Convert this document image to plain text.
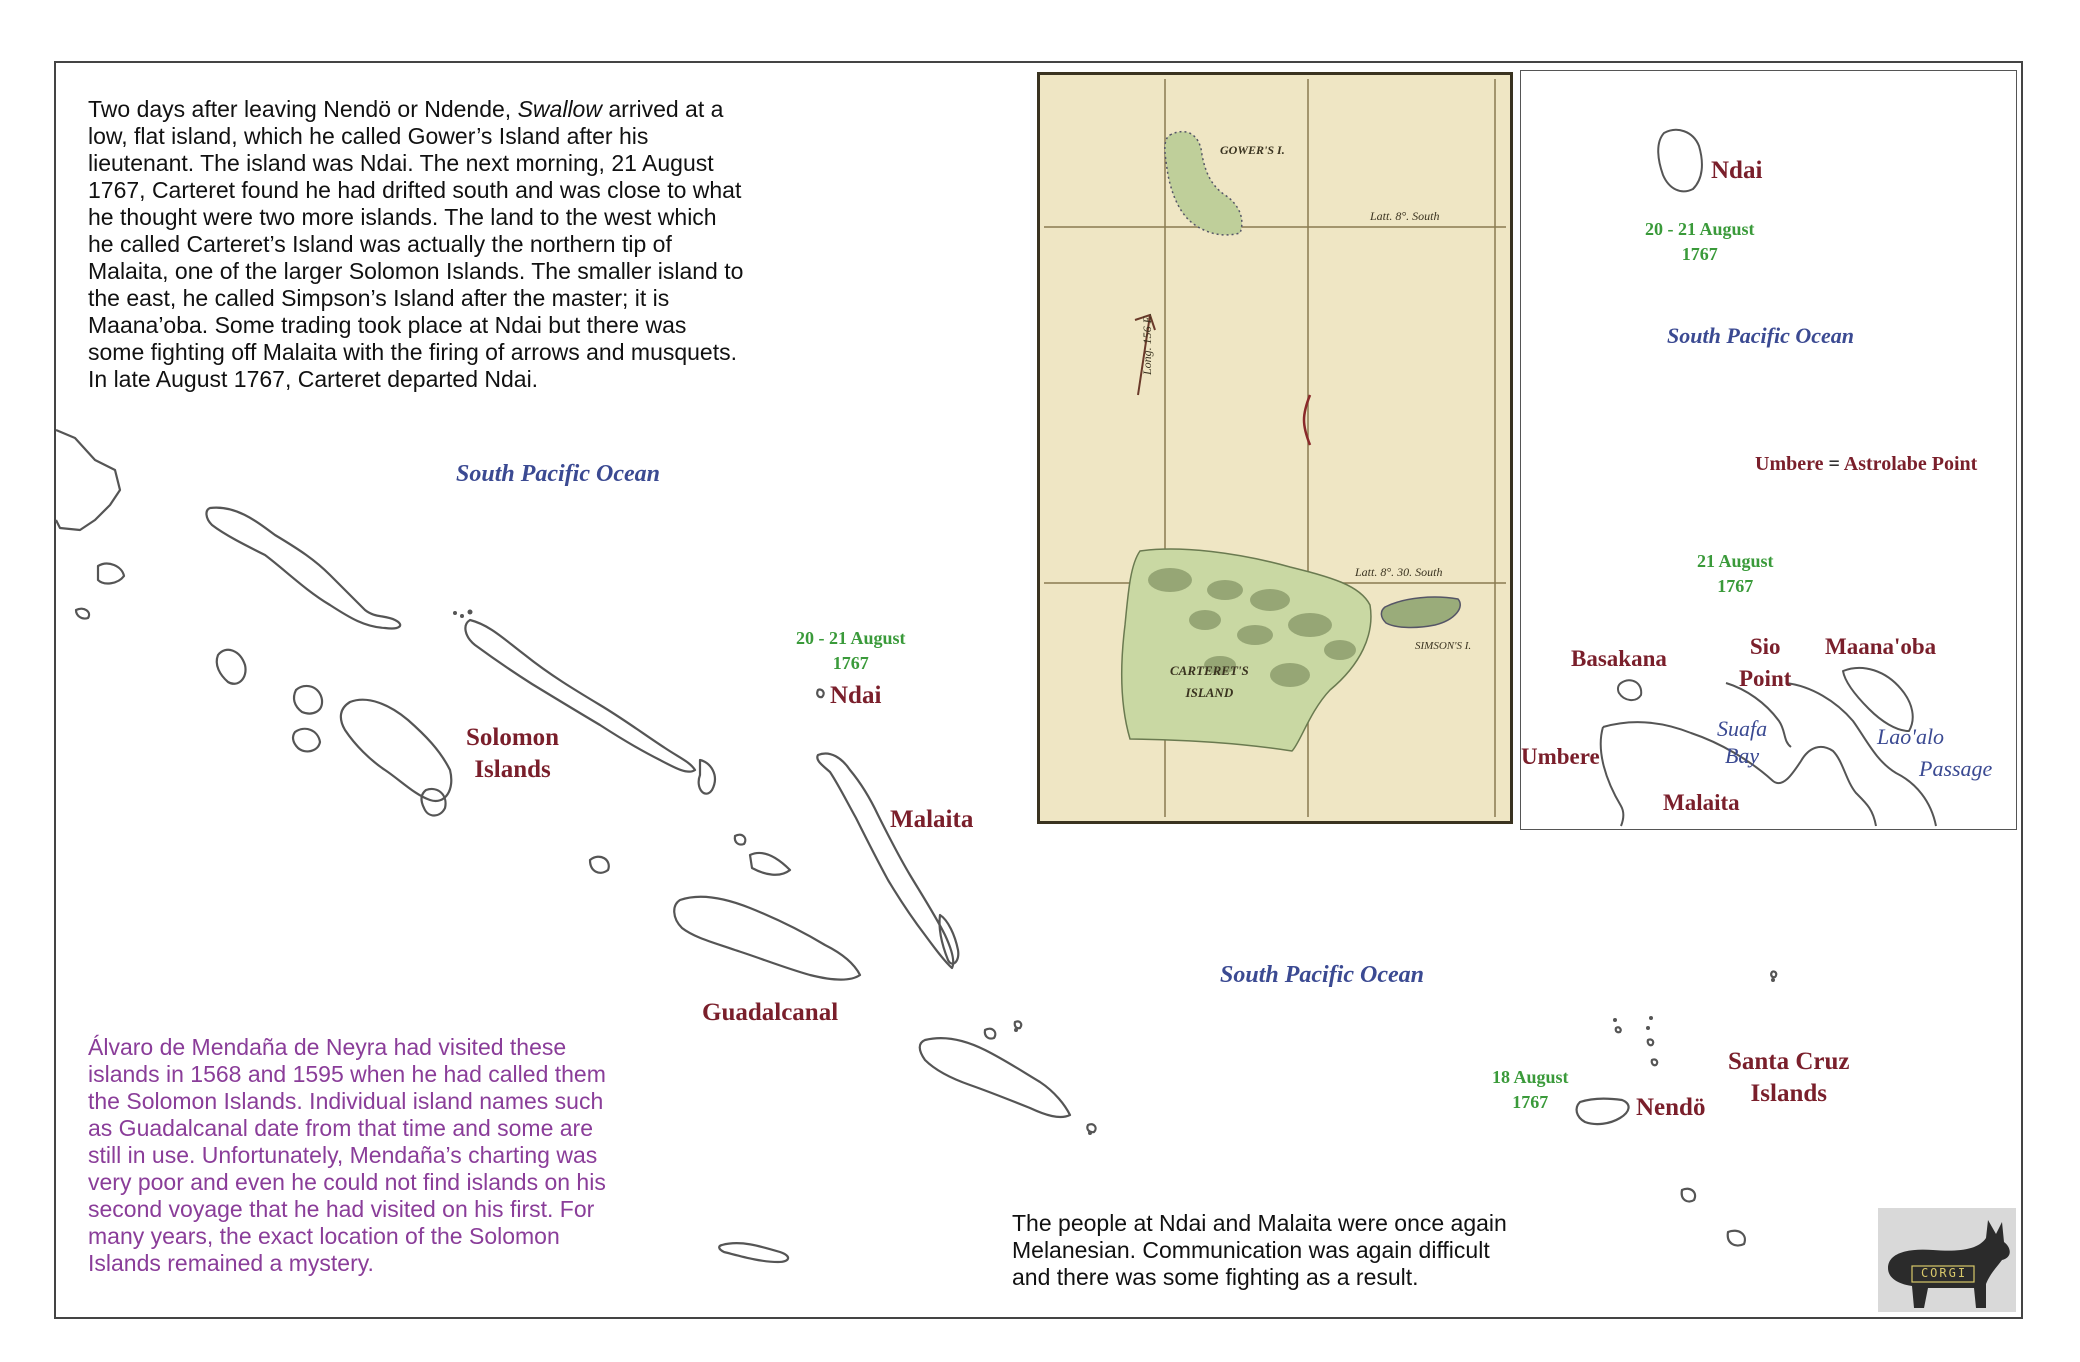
Two days after leaving Nendö or Ndende, Swallow arrived at a low, flat island, which he called Gower’s Island after his lieutenant. The island was Ndai. The next morning, 21 August 1767, Carteret found he had drifted south and was close to what he thought were two more islands. The land to the west which he called Carteret’s Island was actually the northern tip of Malaita, one of the larger Solomon Islands. The smaller island to the east, he called Simpson’s Island after the master; it is Maana’oba. Some trading took place at Ndai but there was some fighting off Malaita with the firing of arrows and musquets. In late August 1767, Carteret departed Ndai.
Álvaro de Mendaña de Neyra had visited these islands in 1568 and 1595 when he had called them the Solomon Islands. Individual island names such as Guadalcanal date from that time and some are still in use. Unfortunately, Mendaña’s charting was very poor and even he could not find islands on his second voyage that he had visited on his first. For many years, the exact location of the Solomon Islands remained a mystery.
The people at Ndai and Malaita were once again Melanesian. Communication was again difficult and there was some fighting as a result.
South Pacific Ocean
South Pacific Ocean
Solomon
Islands
Guadalcanal
Malaita
Ndai
20 - 21 August
1767
Santa Cruz
Islands
Nendö
18 August
1767
GOWER'S I.
Latt. 8°. South
Latt. 8°. 30. South
Long. 156 E.
CARTERET'S
ISLAND
SIMSON'S I.
Ndai
20 - 21 August
1767
South Pacific Ocean
Umbere = Astrolabe Point
21 August
1767
Basakana	Sio
Point
Maana'oba
Suafa
Bay
Lao'alo
Passage
Umbere
Malaita
CORGI
